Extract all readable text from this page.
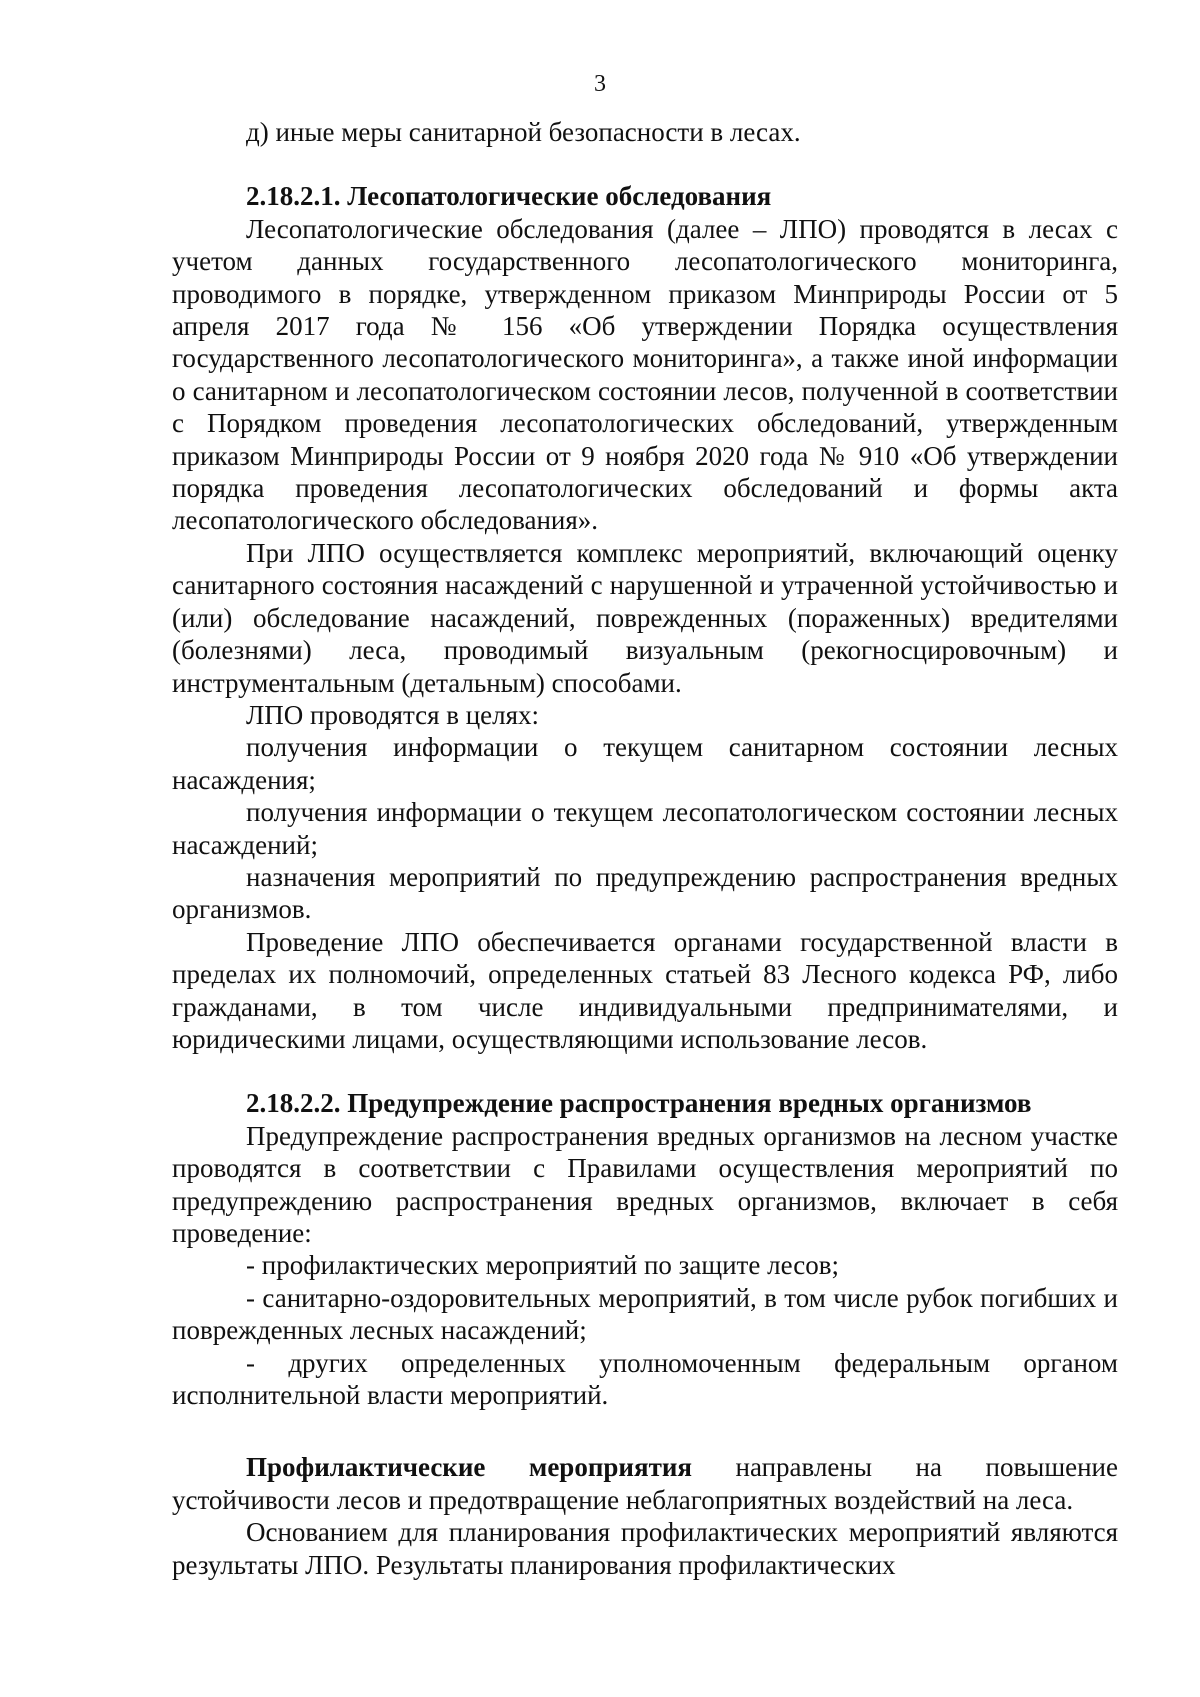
3

д) иные меры санитарной безопасности в лесах.

2.18.2.1. Лесопатологические обследования

Лесопатологические обследования (далее – ЛПО) проводятся в лесах с учетом данных государственного лесопатологического мониторинга, проводимого в порядке, утвержденном приказом Минприроды России от 5 апреля 2017 года № 156 «Об утверждении Порядка осуществления государственного лесопатологического мониторинга», а также иной информации о санитарном и лесопатологическом состоянии лесов, полученной в соответствии с Порядком проведения лесопатологических обследований, утвержденным приказом Минприроды России от 9 ноября 2020 года № 910 «Об утверждении порядка проведения лесопатологических обследований и формы акта лесопатологического обследования».

При ЛПО осуществляется комплекс мероприятий, включающий оценку санитарного состояния насаждений с нарушенной и утраченной устойчивостью и (или) обследование насаждений, поврежденных (пораженных) вредителями (болезнями) леса, проводимый визуальным (рекогносцировочным) и инструментальным (детальным) способами.

ЛПО проводятся в целях:

получения информации о текущем санитарном состоянии лесных насаждения;

получения информации о текущем лесопатологическом состоянии лесных насаждений;

назначения мероприятий по предупреждению распространения вредных организмов.

Проведение ЛПО обеспечивается органами государственной власти в пределах их полномочий, определенных статьей 83 Лесного кодекса РФ, либо гражданами, в том числе индивидуальными предпринимателями, и юридическими лицами, осуществляющими использование лесов.

2.18.2.2. Предупреждение распространения вредных организмов

Предупреждение распространения вредных организмов на лесном участке проводятся в соответствии с Правилами осуществления мероприятий по предупреждению распространения вредных организмов, включает в себя проведение:

- профилактических мероприятий по защите лесов;

- санитарно-оздоровительных мероприятий, в том числе рубок погибших и поврежденных лесных насаждений;

- других определенных уполномоченным федеральным органом исполнительной власти мероприятий.

Профилактические мероприятия направлены на повышение устойчивости лесов и предотвращение неблагоприятных воздействий на леса.

Основанием для планирования профилактических мероприятий являются результаты ЛПО. Результаты планирования профилактических
